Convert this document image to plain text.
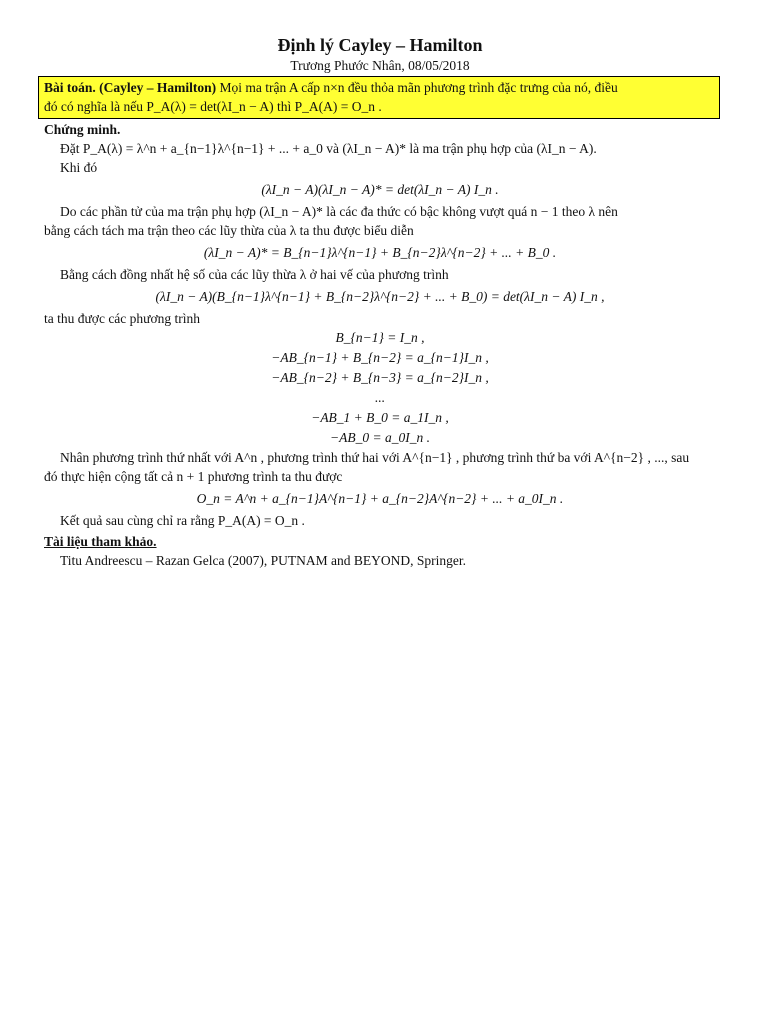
Định lý Cayley – Hamilton
Trương Phước Nhân, 08/05/2018
Bài toán. (Cayley – Hamilton) Mọi ma trận A cấp n×n đều thỏa mãn phương trình đặc trưng của nó, điều
đó có nghĩa là nếu P_A(λ) = det(λI_n − A) thì P_A(A) = O_n .
Chứng minh.

Đặt P_A(λ) = λ^n + a_{n−1}λ^{n−1} + ... + a_0 và (λI_n − A)* là ma trận phụ hợp của (λI_n − A).

Khi đó

(λI_n − A)(λI_n − A)* = det(λI_n − A) I_n .

Do các phần tử của ma trận phụ hợp (λI_n − A)* là các đa thức có bậc không vượt quá n − 1 theo λ nên

bằng cách tách ma trận theo các lũy thừa của λ ta thu được biểu diễn

(λI_n − A)* = B_{n−1}λ^{n−1} + B_{n−2}λ^{n−2} + ... + B_0 .

Bằng cách đồng nhất hệ số của các lũy thừa λ ở hai vế của phương trình

(λI_n − A)(B_{n−1}λ^{n−1} + B_{n−2}λ^{n−2} + ... + B_0) = det(λI_n − A) I_n ,

ta thu được các phương trình

B_{n−1} = I_n ,
−AB_{n−1} + B_{n−2} = a_{n−1}I_n ,
−AB_{n−2} + B_{n−3} = a_{n−2}I_n ,
...
−AB_1 + B_0 = a_1I_n ,
−AB_0 = a_0I_n .

Nhân phương trình thứ nhất với A^n , phương trình thứ hai với A^{n−1} , phương trình thứ ba với A^{n−2} , ..., sau

đó thực hiện cộng tất cả n + 1 phương trình ta thu được

O_n = A^n + a_{n−1}A^{n−1} + a_{n−2}A^{n−2} + ... + a_0I_n .

Kết quả sau cùng chỉ ra rằng P_A(A) = O_n .

Tài liệu tham khảo.

Titu Andreescu – Razan Gelca (2007), PUTNAM and BEYOND, Springer.
